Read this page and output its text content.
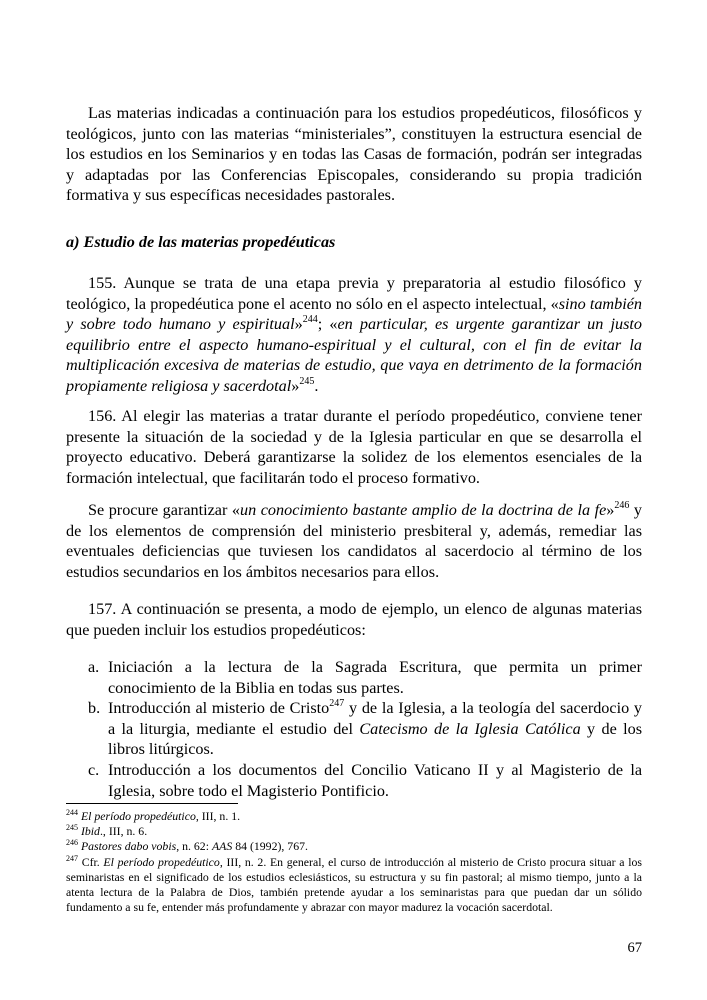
Las materias indicadas a continuación para los estudios propedéuticos, filosóficos y teológicos, junto con las materias “ministeriales”, constituyen la estructura esencial de los estudios en los Seminarios y en todas las Casas de formación, podrán ser integradas y adaptadas por las Conferencias Episcopales, considerando su propia tradición formativa y sus específicas necesidades pastorales.

a) Estudio de las materias propedéuticas

155. Aunque se trata de una etapa previa y preparatoria al estudio filosófico y teológico, la propedéutica pone el acento no sólo en el aspecto intelectual, «sino también y sobre todo humano y espiritual»$^{244}$; «en particular, es urgente garantizar un justo equilibrio entre el aspecto humano-espiritual y el cultural, con el fin de evitar la multiplicación excesiva de materias de estudio, que vaya en detrimento de la formación propiamente religiosa y sacerdotal»$^{245}$.

156. Al elegir las materias a tratar durante el período propedéutico, conviene tener presente la situación de la sociedad y de la Iglesia particular en que se desarrolla el proyecto educativo. Deberá garantizarse la solidez de los elementos esenciales de la formación intelectual, que facilitarán todo el proceso formativo.

Se procure garantizar «un conocimiento bastante amplio de la doctrina de la fe»$^{246}$ y de los elementos de comprensión del ministerio presbiteral y, además, remediar las eventuales deficiencias que tuviesen los candidatos al sacerdocio al término de los estudios secundarios en los ámbitos necesarios para ellos.

157. A continuación se presenta, a modo de ejemplo, un elenco de algunas materias que pueden incluir los estudios propedéuticos:

a. Iniciación a la lectura de la Sagrada Escritura, que permita un primer conocimiento de la Biblia en todas sus partes.
b. Introducción al misterio de Cristo$^{247}$ y de la Iglesia, a la teología del sacerdocio y a la liturgia, mediante el estudio del Catecismo de la Iglesia Católica y de los libros litúrgicos.
c. Introducción a los documentos del Concilio Vaticano II y al Magisterio de la Iglesia, sobre todo el Magisterio Pontificio.

$^{244}$ El período propedéutico, III, n. 1.

$^{245}$ Ibid., III, n. 6.

$^{246}$ Pastores dabo vobis, n. 62: AAS 84 (1992), 767.

$^{247}$ Cfr. El período propedéutico, III, n. 2. En general, el curso de introducción al misterio de Cristo procura situar a los seminaristas en el significado de los estudios eclesiásticos, su estructura y su fin pastoral; al mismo tiempo, junto a la atenta lectura de la Palabra de Dios, también pretende ayudar a los seminaristas para que puedan dar un sólido fundamento a su fe, entender más profundamente y abrazar con mayor madurez la vocación sacerdotal.

67
